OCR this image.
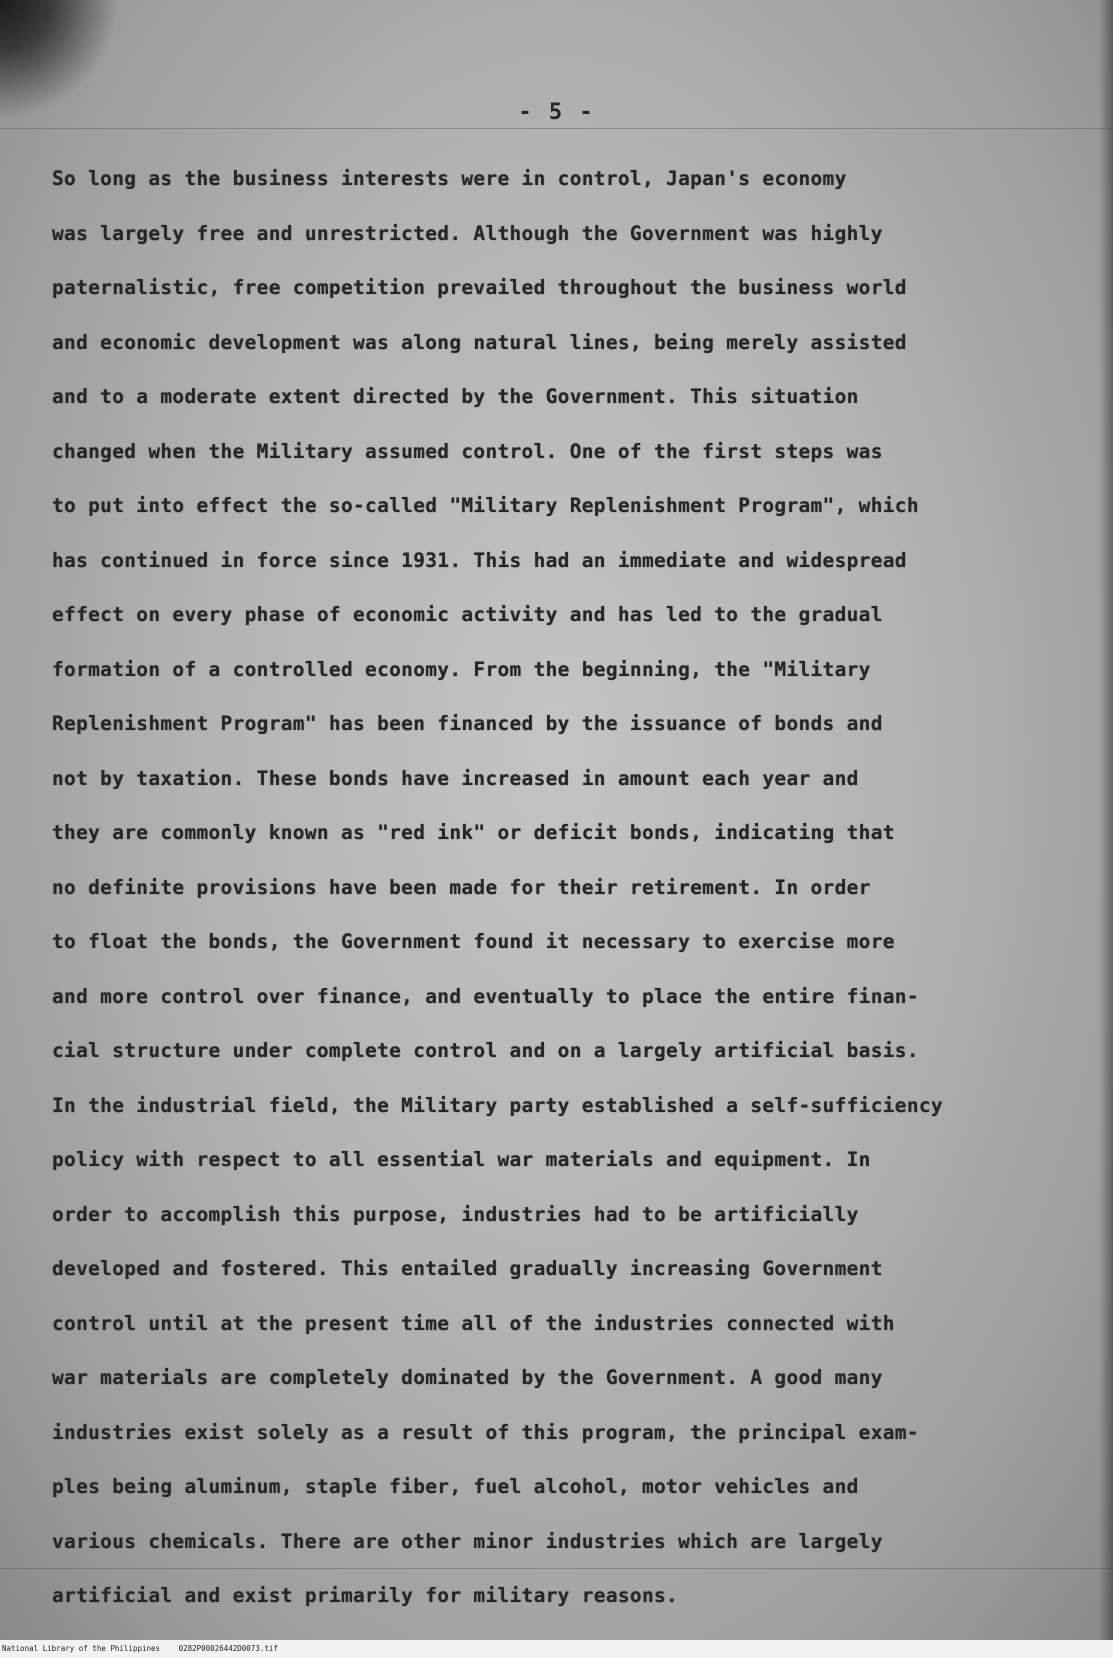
- 5 -
So long as the business interests were in control, Japan's economy
was largely free and unrestricted. Although the Government was highly
paternalistic, free competition prevailed throughout the business world
and economic development was along natural lines, being merely assisted
and to a moderate extent directed by the Government. This situation
changed when the Military assumed control. One of the first steps was
to put into effect the so-called "Military Replenishment Program", which
has continued in force since 1931. This had an immediate and widespread
effect on every phase of economic activity and has led to the gradual
formation of a controlled economy. From the beginning, the "Military
Replenishment Program" has been financed by the issuance of bonds and
not by taxation. These bonds have increased in amount each year and
they are commonly known as "red ink" or deficit bonds, indicating that
no definite provisions have been made for their retirement. In order
to float the bonds, the Government found it necessary to exercise more
and more control over finance, and eventually to place the entire finan-
cial structure under complete control and on a largely artificial basis.
In the industrial field, the Military party established a self-sufficiency
policy with respect to all essential war materials and equipment. In
order to accomplish this purpose, industries had to be artificially
developed and fostered. This entailed gradually increasing Government
control until at the present time all of the industries connected with
war materials are completely dominated by the Government. A good many
industries exist solely as a result of this program, the principal exam-
ples being aluminum, staple fiber, fuel alcohol, motor vehicles and
various chemicals. There are other minor industries which are largely
artificial and exist primarily for military reasons.
National Library of the Philippines 0282P00026442D0073.tif
